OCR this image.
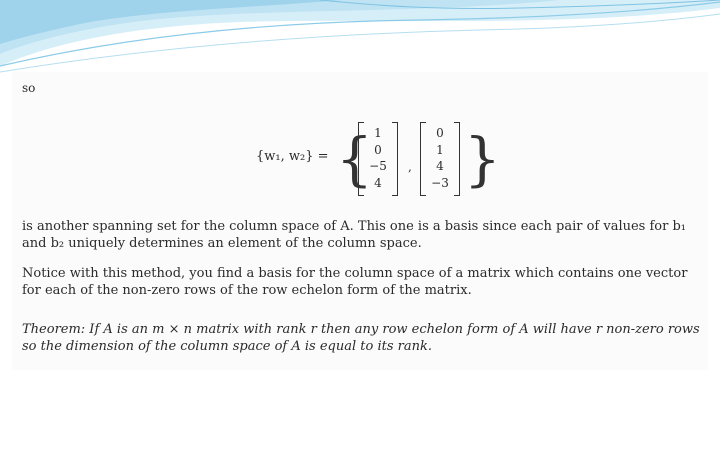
so
{w₁, w₂} = { 1
0
−5
4
,
0
1
4
−3 }
is another spanning set for the column space of A. This one is a basis since each pair of values for b₁ and b₂ uniquely determines an element of the column space.
Notice with this method, you find a basis for the column space of a matrix which contains one vector for each of the non-zero rows of the row echelon form of the matrix.
Theorem: If A is an m × n matrix with rank r then any row echelon form of A will have r non-zero rows so the dimension of the column space of A is equal to its rank.
